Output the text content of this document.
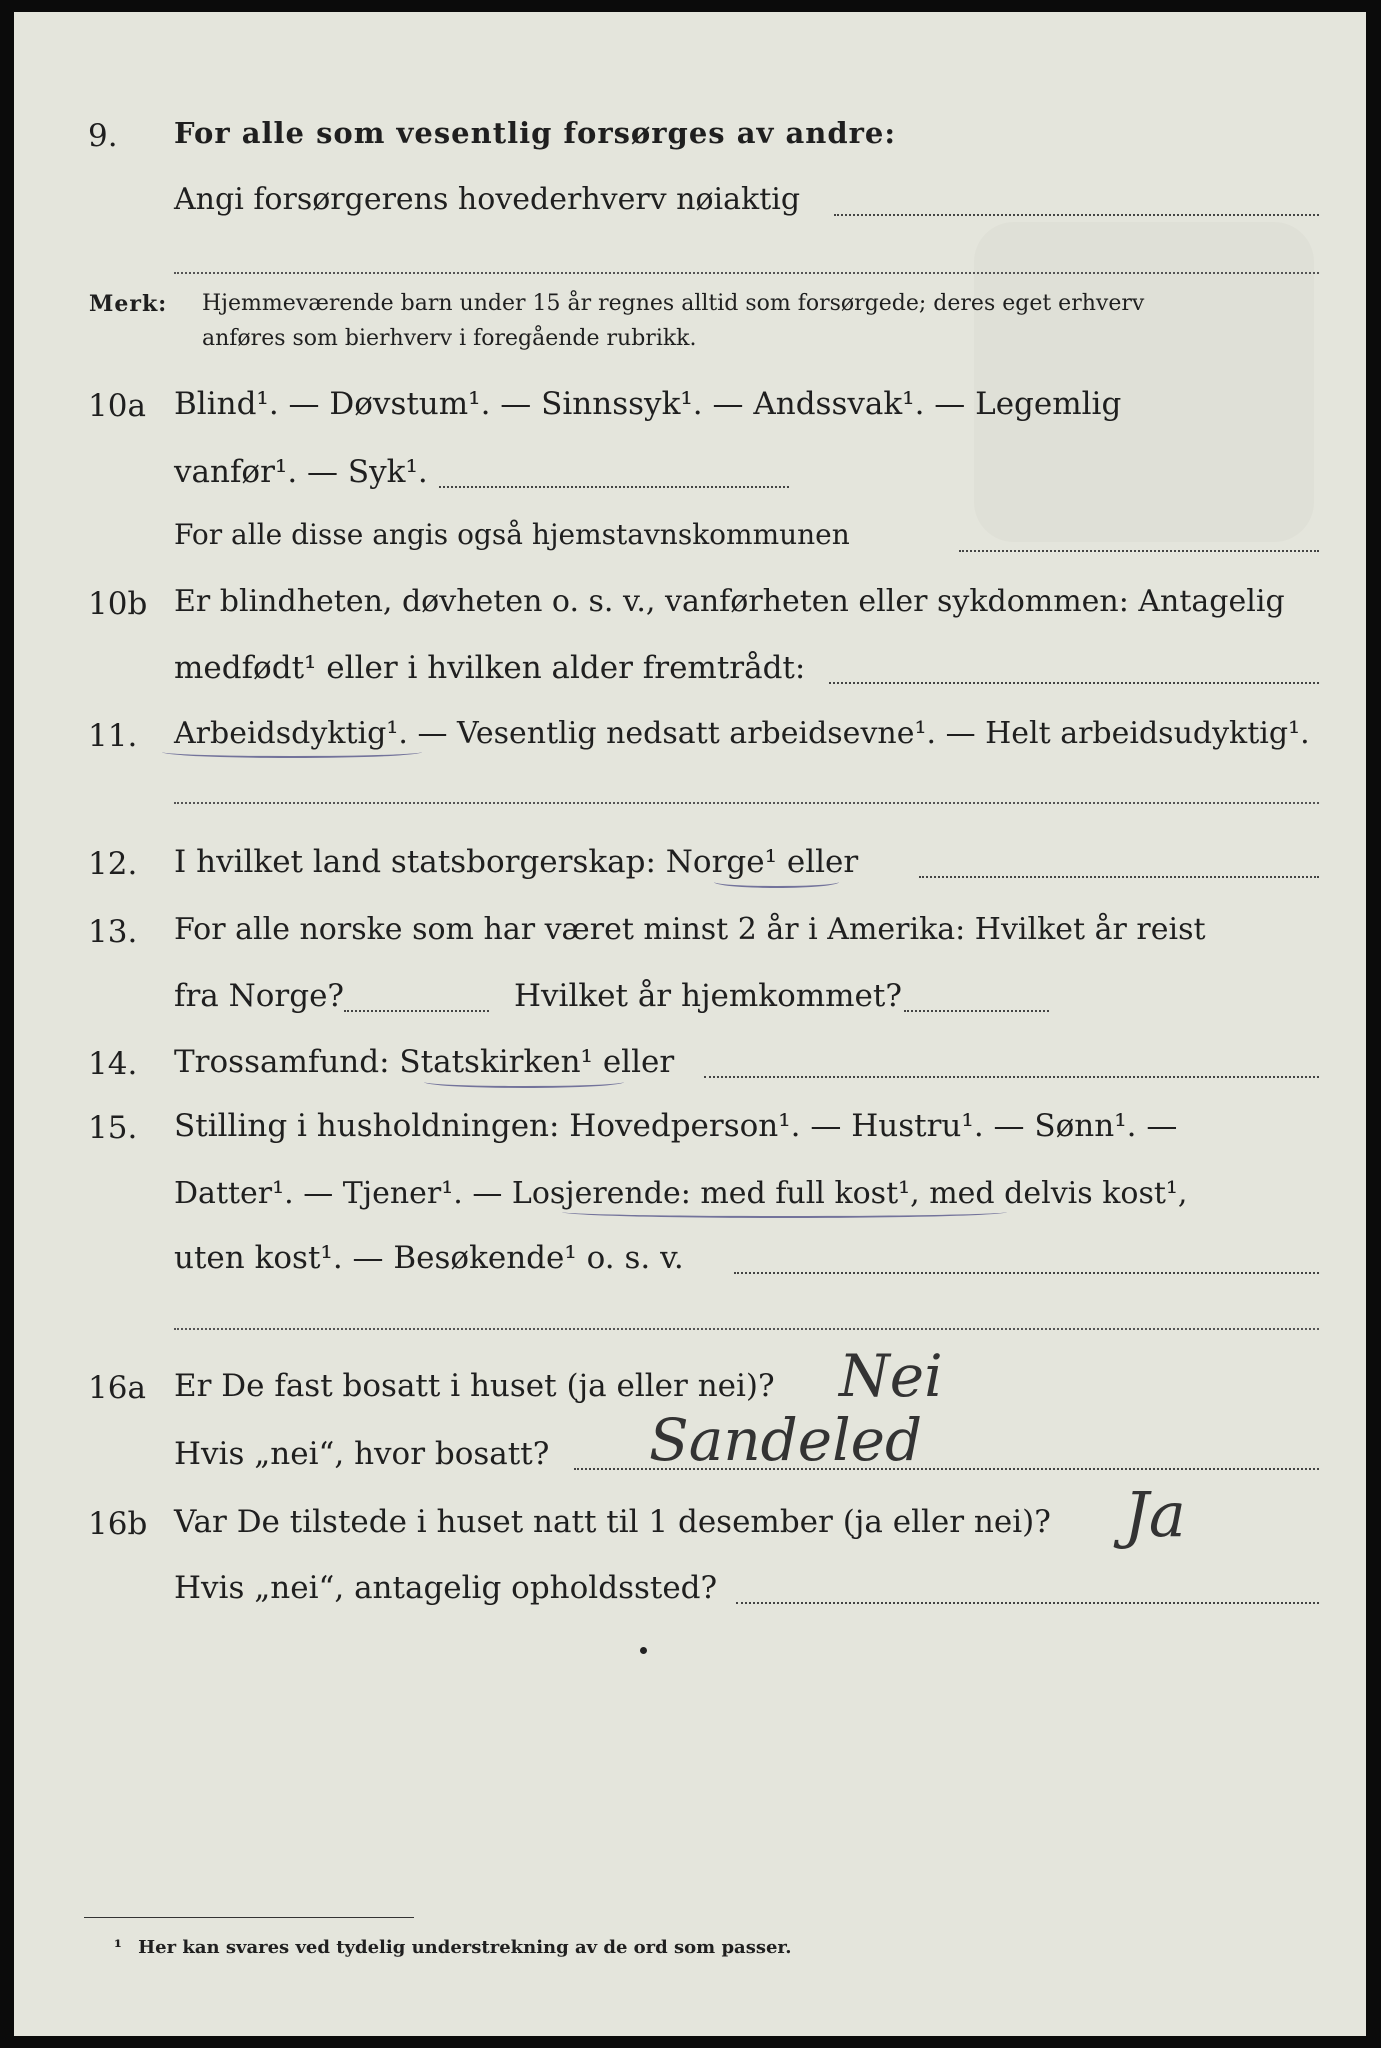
9. For alle som vesentlig forsørges av andre:
Angi forsørgerens hovederhverv nøiaktig
Merk: Hjemmeværende barn under 15 år regnes alltid som forsørgede; deres eget erhverv
anføres som bierhverv i foregående rubrikk.
10a Blind¹. — Døvstum¹. — Sinnssyk¹. — Andssvak¹. — Legemlig
vanfør¹. — Syk¹.
For alle disse angis også hjemstavnskommunen
10b Er blindheten, døvheten o. s. v., vanførheten eller sykdommen: Antagelig
medfødt¹ eller i hvilken alder fremtrådt:
11. Arbeidsdyktig¹. — Vesentlig nedsatt arbeidsevne¹. — Helt arbeidsudyktig¹.
12. I hvilket land statsborgerskap: Norge¹ eller
13. For alle norske som har været minst 2 år i Amerika: Hvilket år reist
fra Norge?	Hvilket år hjemkommet?
14. Trossamfund: Statskirken¹ eller
15. Stilling i husholdningen: Hovedperson¹. — Hustru¹. — Sønn¹. —
Datter¹. — Tjener¹. — Losjerende: med full kost¹, med delvis kost¹,
uten kost¹. — Besøkende¹ o. s. v.
16a Er De fast bosatt i huset (ja eller nei)? Nei
Hvis „nei“, hvor bosatt? Sandeled
16b Var De tilstede i huset natt til 1 desember (ja eller nei)? Ja
Hvis „nei“, antagelig opholdssted?
¹ Her kan svares ved tydelig understrekning av de ord som passer.
